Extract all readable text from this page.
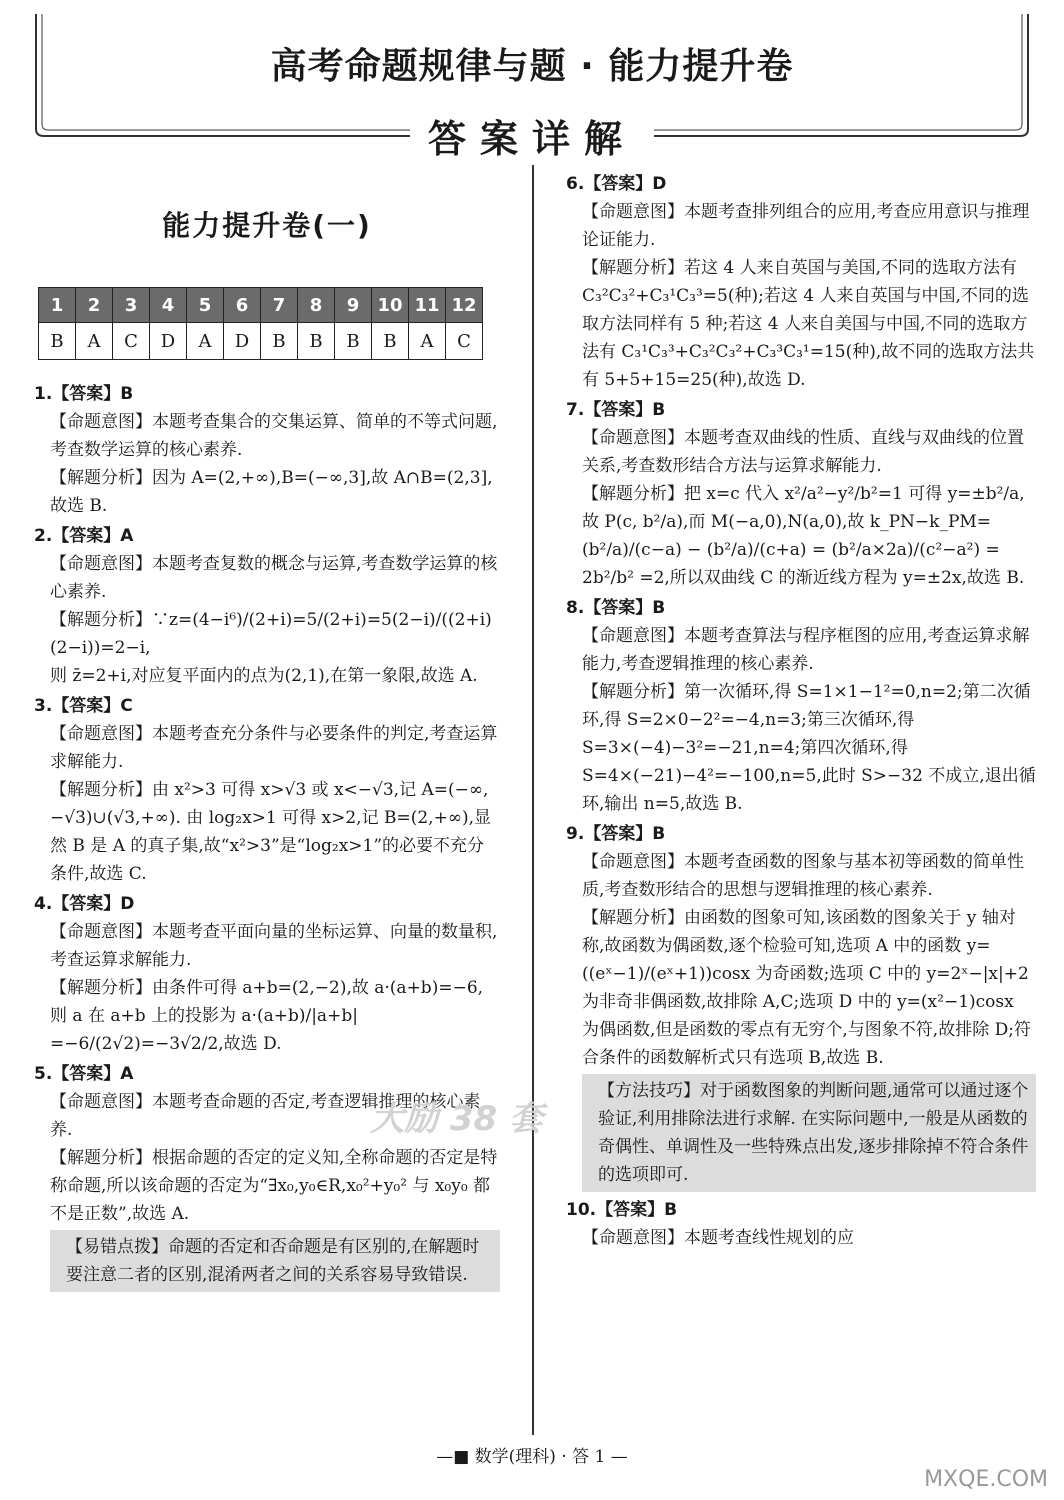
高考命题规律与题 · 能力提升卷
答案详解
能力提升卷(一)
1	2	3	4	5	6	7	8	9	10	11	12
B	A	C	D	A	D	B	B	B	B	A	C
1.【答案】B
【命题意图】本题考查集合的交集运算、简单的不等式问题,考查数学运算的核心素养.
【解题分析】因为 A=(2,+∞),B=(−∞,3],故 A∩B=(2,3],故选 B.
2.【答案】A
【命题意图】本题考查复数的概念与运算,考查数学运算的核心素养.
【解题分析】∵z=(4−i⁶)/(2+i)=5/(2+i)=5(2−i)/((2+i)(2−i))=2−i,
则 z̄=2+i,对应复平面内的点为(2,1),在第一象限,故选 A.
3.【答案】C
【命题意图】本题考查充分条件与必要条件的判定,考查运算求解能力.
【解题分析】由 x²>3 可得 x>√3 或 x<−√3,记 A=(−∞,−√3)∪(√3,+∞). 由 log₂x>1 可得 x>2,记 B=(2,+∞),显然 B 是 A 的真子集,故“x²>3”是“log₂x>1”的必要不充分条件,故选 C.
4.【答案】D
【命题意图】本题考查平面向量的坐标运算、向量的数量积,考查运算求解能力.
【解题分析】由条件可得 a+b=(2,−2),故 a·(a+b)=−6,则 a 在 a+b 上的投影为 a·(a+b)/|a+b|
=−6/(2√2)=−3√2/2,故选 D.
5.【答案】A
【命题意图】本题考查命题的否定,考查逻辑推理的核心素养.
【解题分析】根据命题的否定的定义知,全称命题的否定是特称命题,所以该命题的否定为“∃x₀,y₀∈R,x₀²+y₀² 与 x₀y₀ 都不是正数”,故选 A.
【易错点拨】命题的否定和否命题是有区别的,在解题时要注意二者的区别,混淆两者之间的关系容易导致错误.
6.【答案】D
【命题意图】本题考查排列组合的应用,考查应用意识与推理论证能力.
【解题分析】若这 4 人来自英国与美国,不同的选取方法有 C₃²C₃²+C₃¹C₃³=5(种);若这 4 人来自英国与中国,不同的选取方法同样有 5 种;若这 4 人来自美国与中国,不同的选取方法有 C₃¹C₃³+C₃²C₃²+C₃³C₃¹=15(种),故不同的选取方法共有 5+5+15=25(种),故选 D.
7.【答案】B
【命题意图】本题考查双曲线的性质、直线与双曲线的位置关系,考查数形结合方法与运算求解能力.
【解题分析】把 x=c 代入 x²/a²−y²/b²=1 可得 y=±b²/a,
故 P(c, b²/a),而 M(−a,0),N(a,0),故 k_PN−k_PM=
(b²/a)/(c−a) − (b²/a)/(c+a) = (b²/a×2a)/(c²−a²) = 2b²/b² =2,所以双曲线 C 的渐近线方程为 y=±2x,故选 B.
8.【答案】B
【命题意图】本题考查算法与程序框图的应用,考查运算求解能力,考查逻辑推理的核心素养.
【解题分析】第一次循环,得 S=1×1−1²=0,n=2;第二次循环,得 S=2×0−2²=−4,n=3;第三次循环,得 S=3×(−4)−3²=−21,n=4;第四次循环,得 S=4×(−21)−4²=−100,n=5,此时 S>−32 不成立,退出循环,输出 n=5,故选 B.
9.【答案】B
【命题意图】本题考查函数的图象与基本初等函数的简单性质,考查数形结合的思想与逻辑推理的核心素养.
【解题分析】由函数的图象可知,该函数的图象关于 y 轴对称,故函数为偶函数,逐个检验可知,选项 A 中的函数 y=((eˣ−1)/(eˣ+1))cosx 为奇函数;选项 C 中的 y=2ˣ−|x|+2 为非奇非偶函数,故排除 A,C;选项 D 中的 y=(x²−1)cosx 为偶函数,但是函数的零点有无穷个,与图象不符,故排除 D;符合条件的函数解析式只有选项 B,故选 B.
【方法技巧】对于函数图象的判断问题,通常可以通过逐个验证,利用排除法进行求解. 在实际问题中,一般是从函数的奇偶性、单调性及一些特殊点出发,逐步排除掉不符合条件的选项即可.
10.【答案】B
【命题意图】本题考查线性规划的应
大励 38 套
—■ 数学(理科) · 答 1 —
MXQE.COM
